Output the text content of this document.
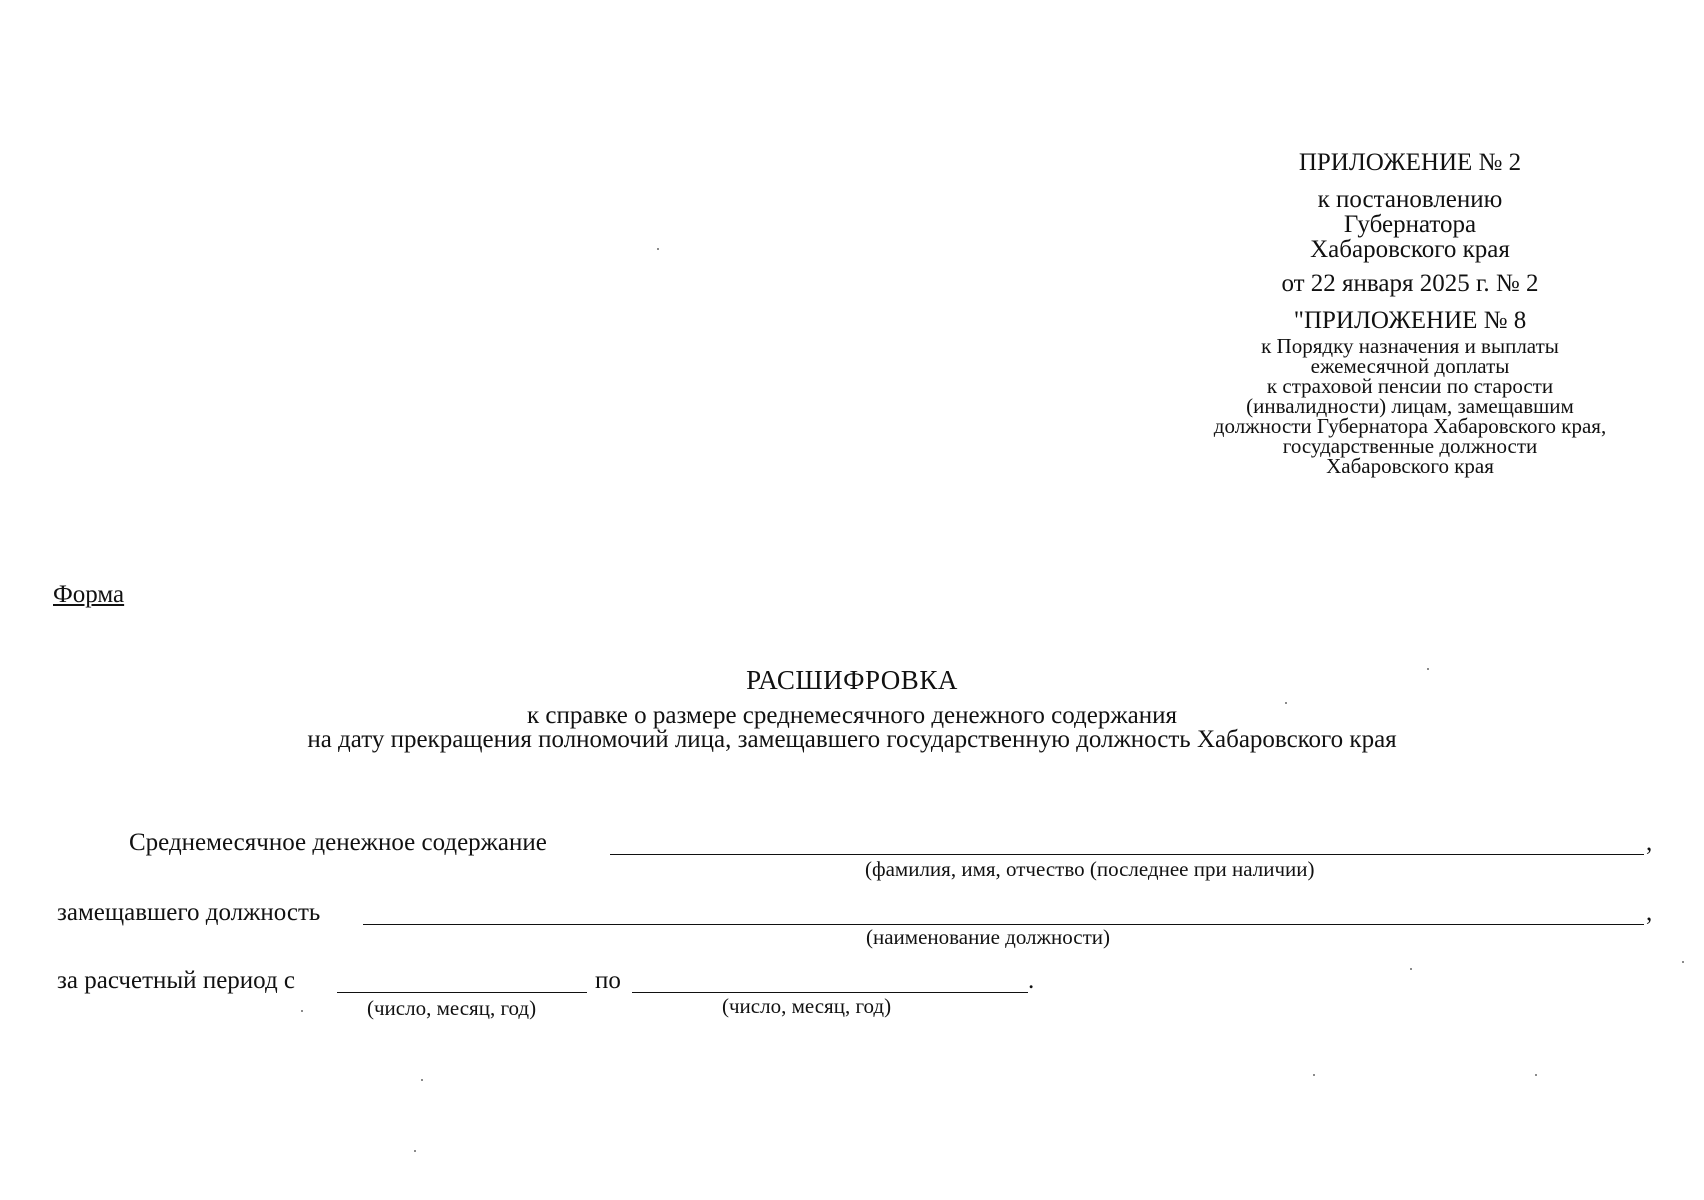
ПРИЛОЖЕНИЕ № 2

к постановлению

Губернатора

Хабаровского края

от 22 января 2025 г. № 2

"ПРИЛОЖЕНИЕ № 8

к Порядку назначения и выплаты

ежемесячной доплаты

к страховой пенсии по старости

(инвалидности) лицам, замещавшим

должности Губернатора Хабаровского края,

государственные должности

Хабаровского края

Форма
РАСШИФРОВКА
к справке о размере среднемесячного денежного содержания
на дату прекращения полномочий лица, замещавшего государственную должность Хабаровского края
Среднемесячное денежное содержание	,
(фамилия, имя, отчество (последнее при наличии)
замещавшего должность	,
(наименование должности)
за расчетный период с	по	.
(число, месяц, год)	(число, месяц, год)
